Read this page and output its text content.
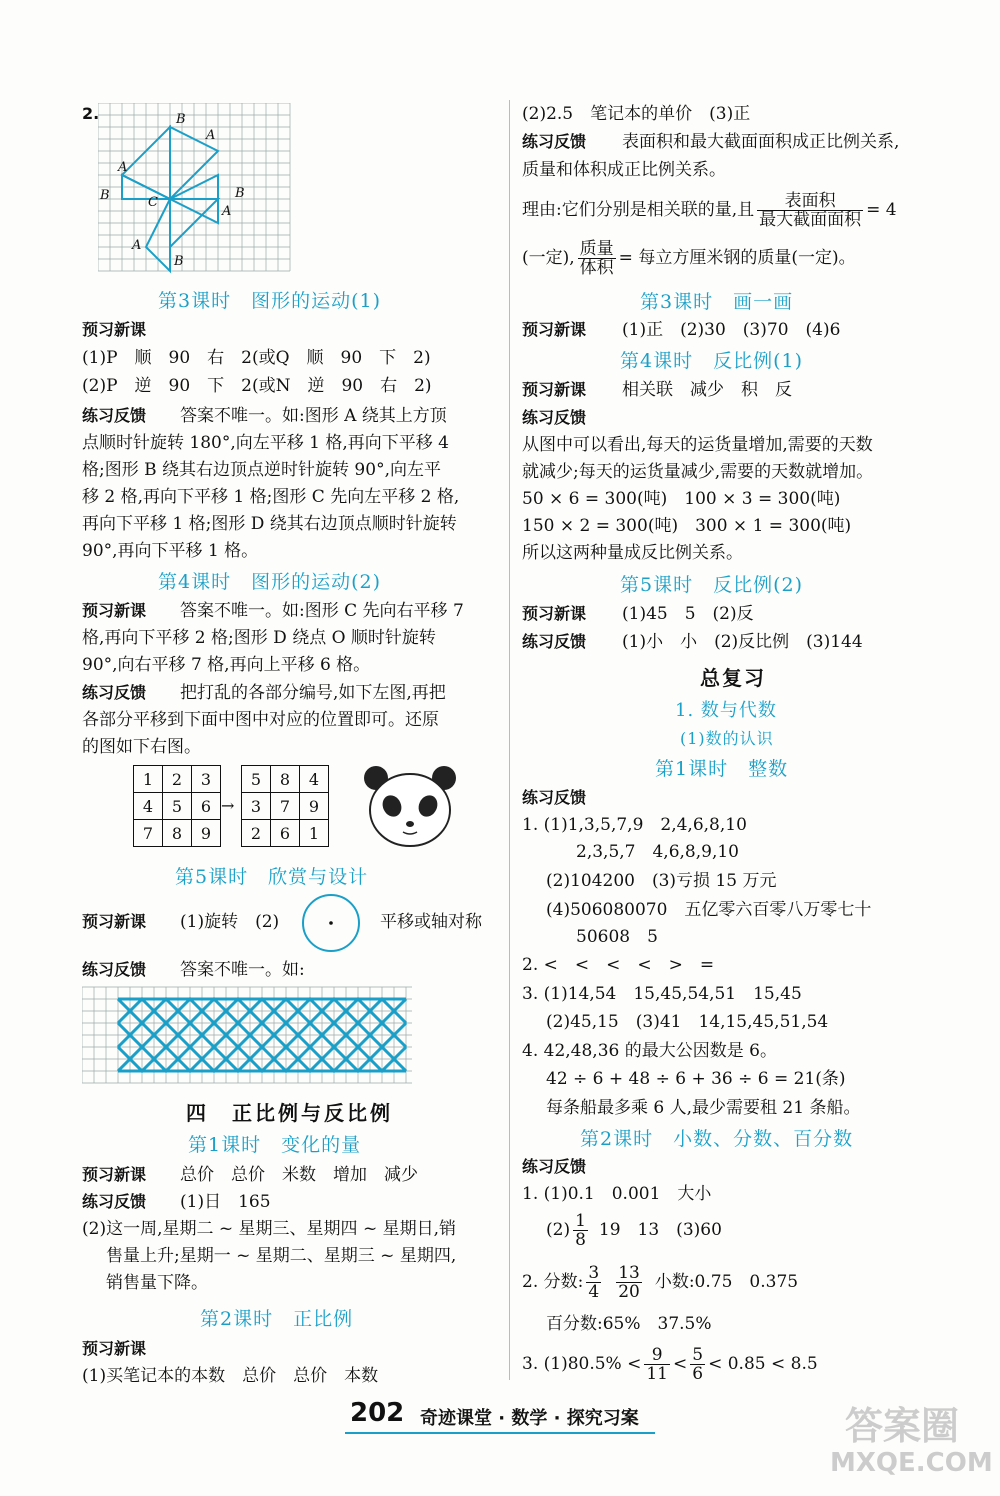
2.	B
A
A
B	C
B
A
A
B
第3课时　图形的运动(1)
预习新课
(1)P　顺　90　右　2(或Q　顺　90　下　2)
(2)P　逆　90　下　2(或N　逆　90　右　2)
练习反馈 答案不唯一。如:图形 A 绕其上方顶
点顺时针旋转 180°,向左平移 1 格,再向下平移 4
格;图形 B 绕其右边顶点逆时针旋转 90°,向左平
移 2 格,再向下平移 1 格;图形 C 先向左平移 2 格,
再向下平移 1 格;图形 D 绕其右边顶点顺时针旋转
90°,再向下平移 1 格。
第4课时　图形的运动(2)
预习新课 答案不唯一。如:图形 C 先向右平移 7
格,再向下平移 2 格;图形 D 绕点 O 顺时针旋转
90°,向右平移 7 格,再向上平移 6 格。
练习反馈 把打乱的各部分编号,如下左图,再把
各部分平移到下面中图中对应的位置即可。还原
的图如下右图。
1	2	3
4	5	6
7	8	9
→
5	8	4
3	7	9
2	6	1
第5课时　欣赏与设计
预习新课 (1)旋转　(2)	平移或轴对称
练习反馈 答案不唯一。如:
四　正比例与反比例
第1课时　变化的量
预习新课 总价　总价　米数　增加　减少
练习反馈 (1)日　165
(2)这一周,星期二 ~ 星期三、星期四 ~ 星期日,销
售量上升;星期一 ~ 星期二、星期三 ~ 星期四,
销售量下降。
第2课时　正比例
预习新课
(1)买笔记本的本数　总价　总价　本数
(2)2.5　笔记本的单价　(3)正
练习反馈 表面积和最大截面面积成正比例关系,
质量和体积成正比例关系。
理由:它们分别是相关联的量,且 $\frac{\text{表面积}}{\text{最大截面面积}} = 4$
(一定), $\frac{\text{质量}}{\text{体积}}$ = 每立方厘米钢的质量(一定)。
第3课时　画一画
预习新课 (1)正　(2)30　(3)70　(4)6
第4课时　反比例(1)
预习新课 相关联　减少　积　反
练习反馈
从图中可以看出,每天的运货量增加,需要的天数
就减少;每天的运货量减少,需要的天数就增加。
50 × 6 = 300(吨)　100 × 3 = 300(吨)
150 × 2 = 300(吨)　300 × 1 = 300(吨)
所以这两种量成反比例关系。
第5课时　反比例(2)
预习新课 (1)45　5　(2)反
练习反馈 (1)小　小　(2)反比例　(3)144
总复习
1. 数与代数
(1)数的认识
第1课时　整数
练习反馈
1. (1)1,3,5,7,9　2,4,6,8,10
2,3,5,7　4,6,8,9,10
(2)104200　(3)亏损 15 万元
(4)506080070　五亿零六百零八万零七十
50608　5
2. <　<　<　<　>　=
3. (1)14,54　15,45,54,51　15,45
(2)45,15　(3)41　14,15,45,51,54
4. 42,48,36 的最大公因数是 6。
42 ÷ 6 + 48 ÷ 6 + 36 ÷ 6 = 21(条)
每条船最多乘 6 人,最少需要租 21 条船。
第2课时　小数、分数、百分数
练习反馈
1. (1)0.1　0.001　大小
$(2) \frac{1}{8} 19$　13　(3)60
2. 分数: $\frac{3}{4} \frac{13}{20}$ 小数:0.75　0.375
百分数:65%　37.5%
3. $(1)80.5\% < \frac{9}{11} < \frac{5}{6} < 0.85 < 8.5$
202 奇迹课堂 · 数学 · 探究习案	答案圈
MXQE.COM
